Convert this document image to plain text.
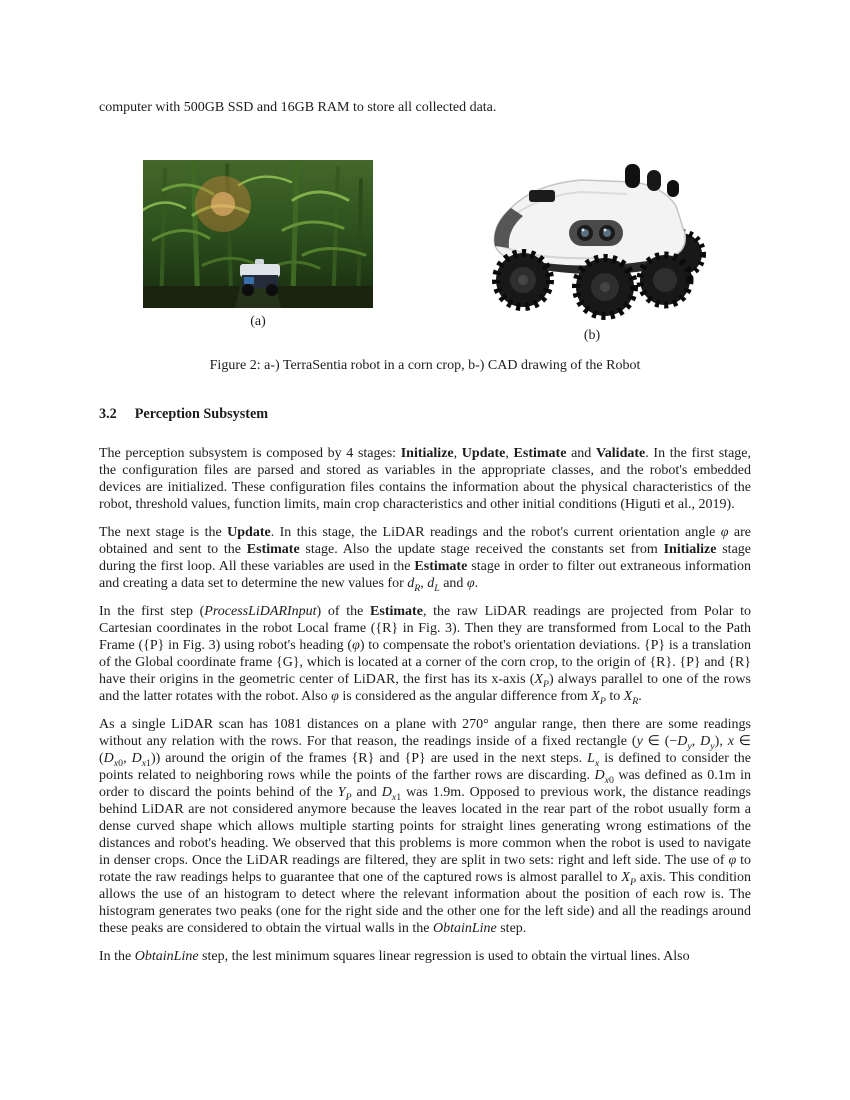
computer with 500GB SSD and 16GB RAM to store all collected data.

(a)
(b)
Figure 2: a-) TerraSentia robot in a corn crop, b-) CAD drawing of the Robot
3.2 Perception Subsystem

The perception subsystem is composed by 4 stages: Initialize, Update, Estimate and Validate. In the first stage, the configuration files are parsed and stored as variables in the appropriate classes, and the robot's embedded devices are initialized. These configuration files contains the information about the physical characteristics of the robot, threshold values, function limits, main crop characteristics and other initial conditions (Higuti et al., 2019).

The next stage is the Update. In this stage, the LiDAR readings and the robot's current orientation angle φ are obtained and sent to the Estimate stage. Also the update stage received the constants set from Initialize stage during the first loop. All these variables are used in the Estimate stage in order to filter out extraneous information and creating a data set to determine the new values for $d_R$, $d_L$ and φ.

In the first step (ProcessLiDARInput) of the Estimate, the raw LiDAR readings are projected from Polar to Cartesian coordinates in the robot Local frame ({R} in Fig. 3). Then they are transformed from Local to the Path Frame ({P} in Fig. 3) using robot's heading (φ) to compensate the robot's orientation deviations. {P} is a translation of the Global coordinate frame {G}, which is located at a corner of the corn crop, to the origin of {R}. {P} and {R} have their origins in the geometric center of LiDAR, the first has its x-axis $(X_P)$ always parallel to one of the rows and the latter rotates with the robot. Also φ is considered as the angular difference from $X_P$ to $X_R$.

As a single LiDAR scan has 1081 distances on a plane with 270° angular range, then there are some readings without any relation with the rows. For that reason, the readings inside of a fixed rectangle (y ∈ ($-D_y$, $D_y$), x ∈ ($D_{x0}$, $D_{x1}$)) around the origin of the frames {R} and {P} are used in the next steps. $L_x$ is defined to consider the points related to neighboring rows while the points of the farther rows are discarding. $D_{x0}$ was defined as 0.1m in order to discard the points behind of the $Y_P$ and $D_{x1}$ was 1.9m. Opposed to previous work, the distance readings behind LiDAR are not considered anymore because the leaves located in the rear part of the robot usually form a dense curved shape which allows multiple starting points for straight lines generating wrong estimations of the distances and robot's heading. We observed that this problems is more common when the robot is used to navigate in denser crops. Once the LiDAR readings are filtered, they are split in two sets: right and left side. The use of φ to rotate the raw readings helps to guarantee that one of the captured rows is almost parallel to $X_P$ axis. This condition allows the use of an histogram to detect where the relevant information about the position of each row is. The histogram generates two peaks (one for the right side and the other one for the left side) and all the readings around these peaks are considered to obtain the virtual walls in the ObtainLine step.

In the ObtainLine step, the lest minimum squares linear regression is used to obtain the virtual lines. Also
